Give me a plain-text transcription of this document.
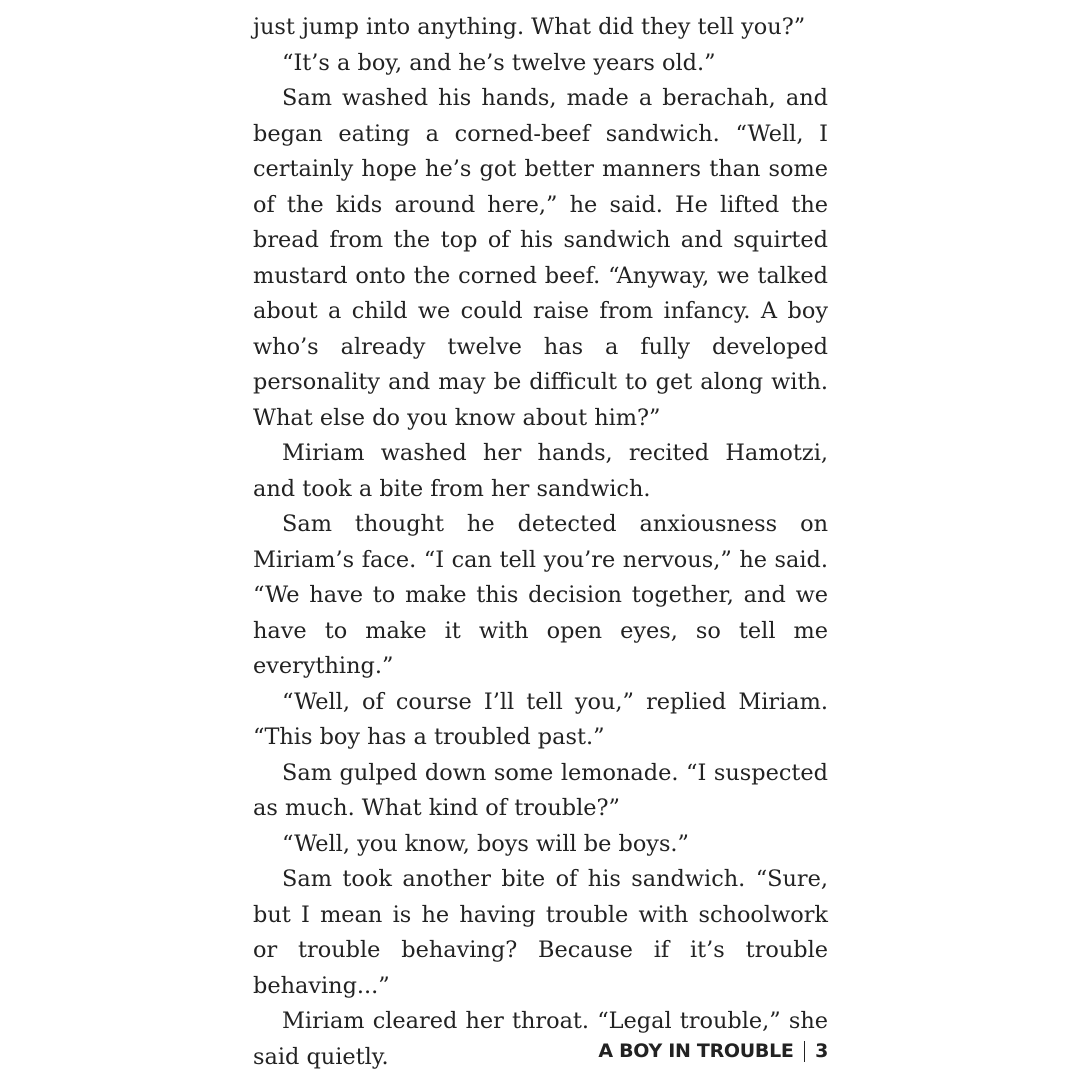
just jump into anything. What did they tell you?”

“It’s a boy, and he’s twelve years old.”

Sam washed his hands, made a berachah, and began eating a corned-beef sandwich. “Well, I certainly hope he’s got better manners than some of the kids around here,” he said. He lifted the bread from the top of his sandwich and squirted mustard onto the corned beef. “Anyway, we talked about a child we could raise from infancy. A boy who’s already twelve has a fully developed personality and may be difficult to get along with. What else do you know about him?”

Miriam washed her hands, recited Hamotzi, and took a bite from her sandwich.

Sam thought he detected anxiousness on Miriam’s face. “I can tell you’re nervous,” he said. “We have to make this decision together, and we have to make it with open eyes, so tell me everything.”

“Well, of course I’ll tell you,” replied Miriam. “This boy has a troubled past.”

Sam gulped down some lemonade. “I suspected as much. What kind of trouble?”

“Well, you know, boys will be boys.”

Sam took another bite of his sandwich. “Sure, but I mean is he having trouble with schoolwork or trouble behaving? Because if it’s trouble behaving...”

Miriam cleared her throat. “Legal trouble,” she said quietly.	A BOY IN TROUBLE 3
